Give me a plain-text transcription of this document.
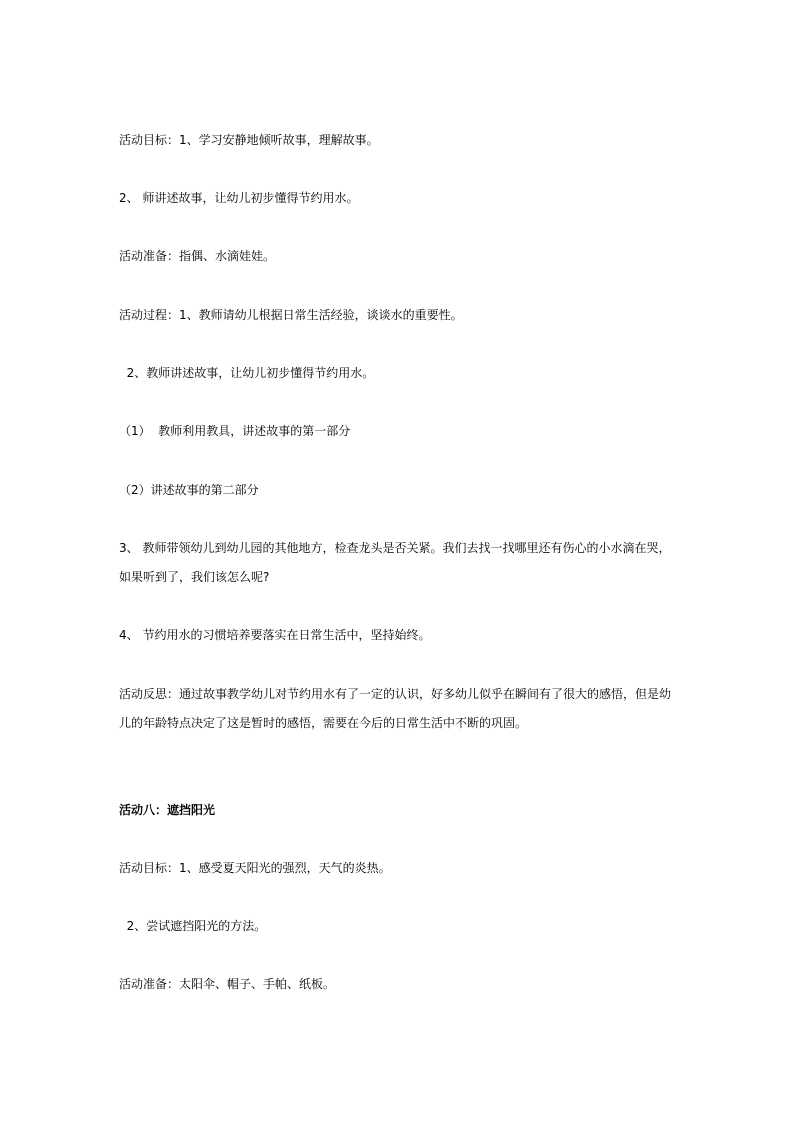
活动目标：1、学习安静地倾听故事，理解故事。
2、 师讲述故事，让幼儿初步懂得节约用水。
活动准备：指偶、水滴娃娃。
活动过程：1、教师请幼儿根据日常生活经验，谈谈水的重要性。
2、教师讲述故事，让幼儿初步懂得节约用水。
（1）  教师利用教具，讲述故事的第一部分
（2）讲述故事的第二部分
3、 教师带领幼儿到幼儿园的其他地方，检查龙头是否关紧。我们去找一找哪里还有伤心的小水滴在哭，
如果听到了，我们该怎么呢?
4、 节约用水的习惯培养要落实在日常生活中，坚持始终。
活动反思：通过故事教学幼儿对节约用水有了一定的认识，好多幼儿似乎在瞬间有了很大的感悟，但是幼
儿的年龄特点决定了这是暂时的感悟，需要在今后的日常生活中不断的巩固。
活动八：遮挡阳光
活动目标：1、感受夏天阳光的强烈，天气的炎热。
2、尝试遮挡阳光的方法。
活动准备：太阳伞、帽子、手帕、纸板。
